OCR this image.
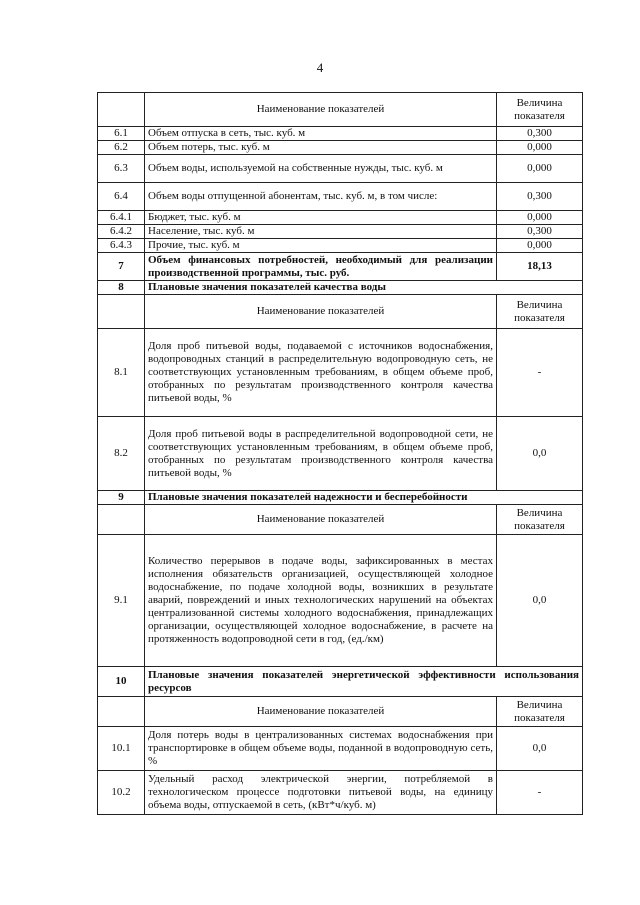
4
	Наименование показателей	Величина
показателя
6.1	Объем отпуска в сеть, тыс. куб. м	0,300
6.2	Объем потерь, тыс. куб. м	0,000
6.3	Объем воды, используемой на собственные нужды, тыс. куб. м	0,000
6.4	Объем воды отпущенной абонентам, тыс. куб. м, в том числе:	0,300
6.4.1	Бюджет, тыс. куб. м	0,000
6.4.2	Население, тыс. куб. м	0,300
6.4.3	Прочие, тыс. куб. м	0,000
7	Объем финансовых потребностей, необходимый для реализации производственной программы, тыс. руб.	18,13
8	Плановые значения показателей качества воды	
	Наименование показателей	Величина
показателя
8.1	Доля проб питьевой воды, подаваемой с источников водоснабжения, водопроводных станций в распределительную водопроводную сеть, не соответствующих установленным требованиям, в общем объеме проб, отобранных по результатам производственного контроля качества питьевой воды, %	-
8.2	Доля проб питьевой воды в распределительной водопроводной сети, не соответствующих установленным требованиям, в общем объеме проб, отобранных по результатам производственного контроля качества питьевой воды, %	0,0
9	Плановые значения показателей надежности и бесперебойности	
	Наименование показателей	Величина
показателя
9.1	Количество перерывов в подаче воды, зафиксированных в местах исполнения обязательств организацией, осуществляющей холодное водоснабжение, по подаче холодной воды, возникших в результате аварий, повреждений и иных технологических нарушений на объектах централизованной системы холодного водоснабжения, принадлежащих организации, осуществляющей холодное водоснабжение, в расчете на протяженность водопроводной сети в год, (ед./км)	0,0
10	Плановые значения показателей энергетической эффективности использования ресурсов	
	Наименование показателей	Величина
показателя
10.1	Доля потерь воды в централизованных системах водоснабжения при транспортировке в общем объеме воды, поданной в водопроводную сеть, %	0,0
10.2	Удельный расход электрической энергии, потребляемой в технологическом процессе подготовки питьевой воды, на единицу объема воды, отпускаемой в сеть, (кВт*ч/куб. м)	-
